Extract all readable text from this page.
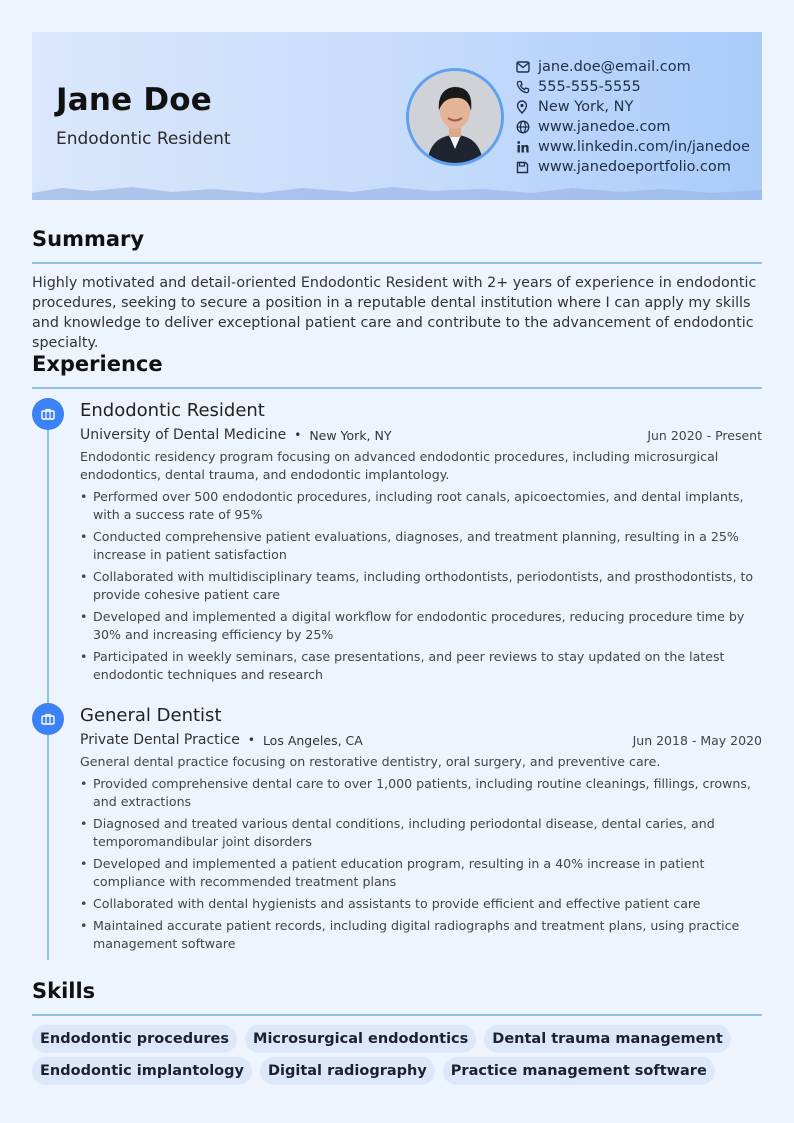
Jane Doe
Endodontic Resident
jane.doe@email.com
555-555-5555
New York, NY
www.janedoe.com
www.linkedin.com/in/janedoe
www.janedoeportfolio.com
Summary
Highly motivated and detail-oriented Endodontic Resident with 2+ years of experience in endodontic procedures, seeking to secure a position in a reputable dental institution where I can apply my skills and knowledge to deliver exceptional patient care and contribute to the advancement of endodontic specialty.
Experience
Endodontic Resident
University of Dental Medicine • New York, NY	Jun 2020 - Present
Endodontic residency program focusing on advanced endodontic procedures, including microsurgical endodontics, dental trauma, and endodontic implantology.
• Performed over 500 endodontic procedures, including root canals, apicoectomies, and dental implants, with a success rate of 95%
• Conducted comprehensive patient evaluations, diagnoses, and treatment planning, resulting in a 25% increase in patient satisfaction
• Collaborated with multidisciplinary teams, including orthodontists, periodontists, and prosthodontists, to provide cohesive patient care
• Developed and implemented a digital workflow for endodontic procedures, reducing procedure time by 30% and increasing efficiency by 25%
• Participated in weekly seminars, case presentations, and peer reviews to stay updated on the latest endodontic techniques and research
General Dentist
Private Dental Practice • Los Angeles, CA	Jun 2018 - May 2020
General dental practice focusing on restorative dentistry, oral surgery, and preventive care.
• Provided comprehensive dental care to over 1,000 patients, including routine cleanings, fillings, crowns, and extractions
• Diagnosed and treated various dental conditions, including periodontal disease, dental caries, and temporomandibular joint disorders
• Developed and implemented a patient education program, resulting in a 40% increase in patient compliance with recommended treatment plans
• Collaborated with dental hygienists and assistants to provide efficient and effective patient care
• Maintained accurate patient records, including digital radiographs and treatment plans, using practice management software
Skills
Endodontic procedures	Microsurgical endodontics	Dental trauma management
Endodontic implantology	Digital radiography	Practice management software
